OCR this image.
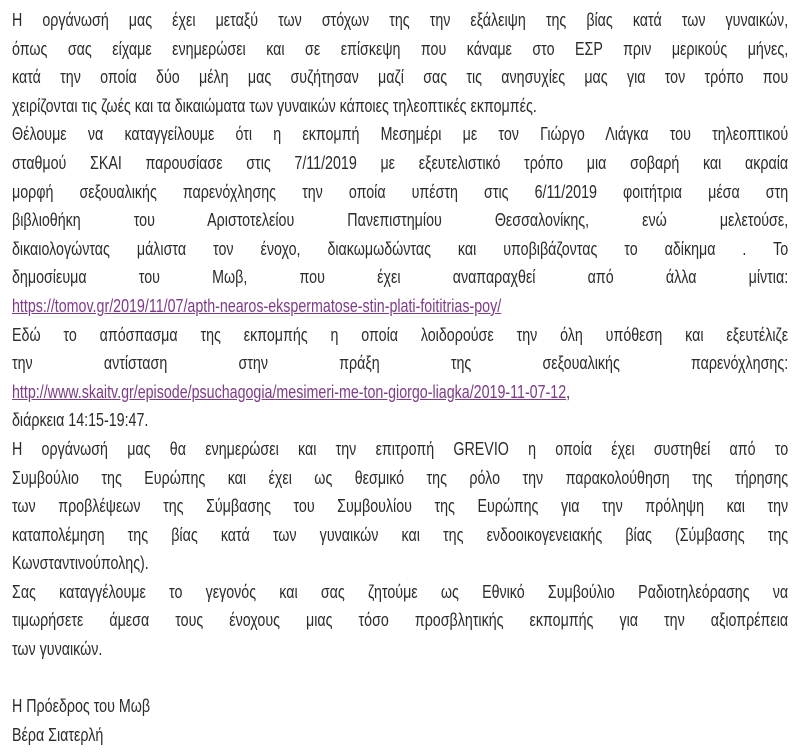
Η οργάνωσή μας έχει μεταξύ των στόχων της την εξάλειψη της βίας κατά των γυναικών,
όπως σας είχαμε ενημερώσει και σε επίσκεψη που κάναμε στο ΕΣΡ πριν μερικούς μήνες,
κατά την οποία δύο μέλη μας συζήτησαν μαζί σας τις ανησυχίες μας για τον τρόπο που
χειρίζονται τις ζωές και τα δικαιώματα των γυναικών κάποιες τηλεοπτικές εκπομπές.
Θέλουμε να καταγγείλουμε ότι η εκπομπή Μεσημέρι με τον Γιώργο Λιάγκα του τηλεοπτικού
σταθμού ΣΚΑΙ παρουσίασε στις 7/11/2019 με εξευτελιστικό τρόπο μια σοβαρή και ακραία
μορφή σεξουαλικής παρενόχλησης την οποία υπέστη στις 6/11/2019 φοιτήτρια μέσα στη
βιβλιοθήκη του Αριστοτελείου Πανεπιστημίου Θεσσαλονίκης, ενώ μελετούσε,
δικαιολογώντας μάλιστα τον ένοχο, διακωμωδώντας και υποβιβάζοντας το αδίκημα . Το
δημοσίευμα του Μωβ, που έχει αναπαραχθεί από άλλα μίντια:
https://tomov.gr/2019/11/07/apth-nearos-ekspermatose-stin-plati-foititrias-poy/
Εδώ το απόσπασμα της εκπομπής η οποία λοιδορούσε την όλη υπόθεση και εξευτέλιζε
την αντίσταση στην πράξη της σεξουαλικής παρενόχλησης:
http://www.skaitv.gr/episode/psuchagogia/mesimeri-me-ton-giorgo-liagka/2019-11-07-12,
διάρκεια 14:15-19:47.
Η οργάνωσή μας θα ενημερώσει και την επιτροπή GREVIO η οποία έχει συστηθεί από το
Συμβούλιο της Ευρώπης και έχει ως θεσμικό της ρόλο την παρακολούθηση της τήρησης
των προβλέψεων της Σύμβασης του Συμβουλίου της Ευρώπης για την πρόληψη και την
καταπολέμηση της βίας κατά των γυναικών και της ενδοοικογενειακής βίας (Σύμβασης της
Κωνσταντινούπολης).
Σας καταγγέλουμε το γεγονός και σας ζητούμε ως Εθνικό Συμβούλιο Ραδιοτηλεόρασης να
τιμωρήσετε άμεσα τους ένοχους μιας τόσο προσβλητικής εκπομπής για την αξιοπρέπεια
των γυναικών.
Η Πρόεδρος του Μωβ
Βέρα Σιατερλή
